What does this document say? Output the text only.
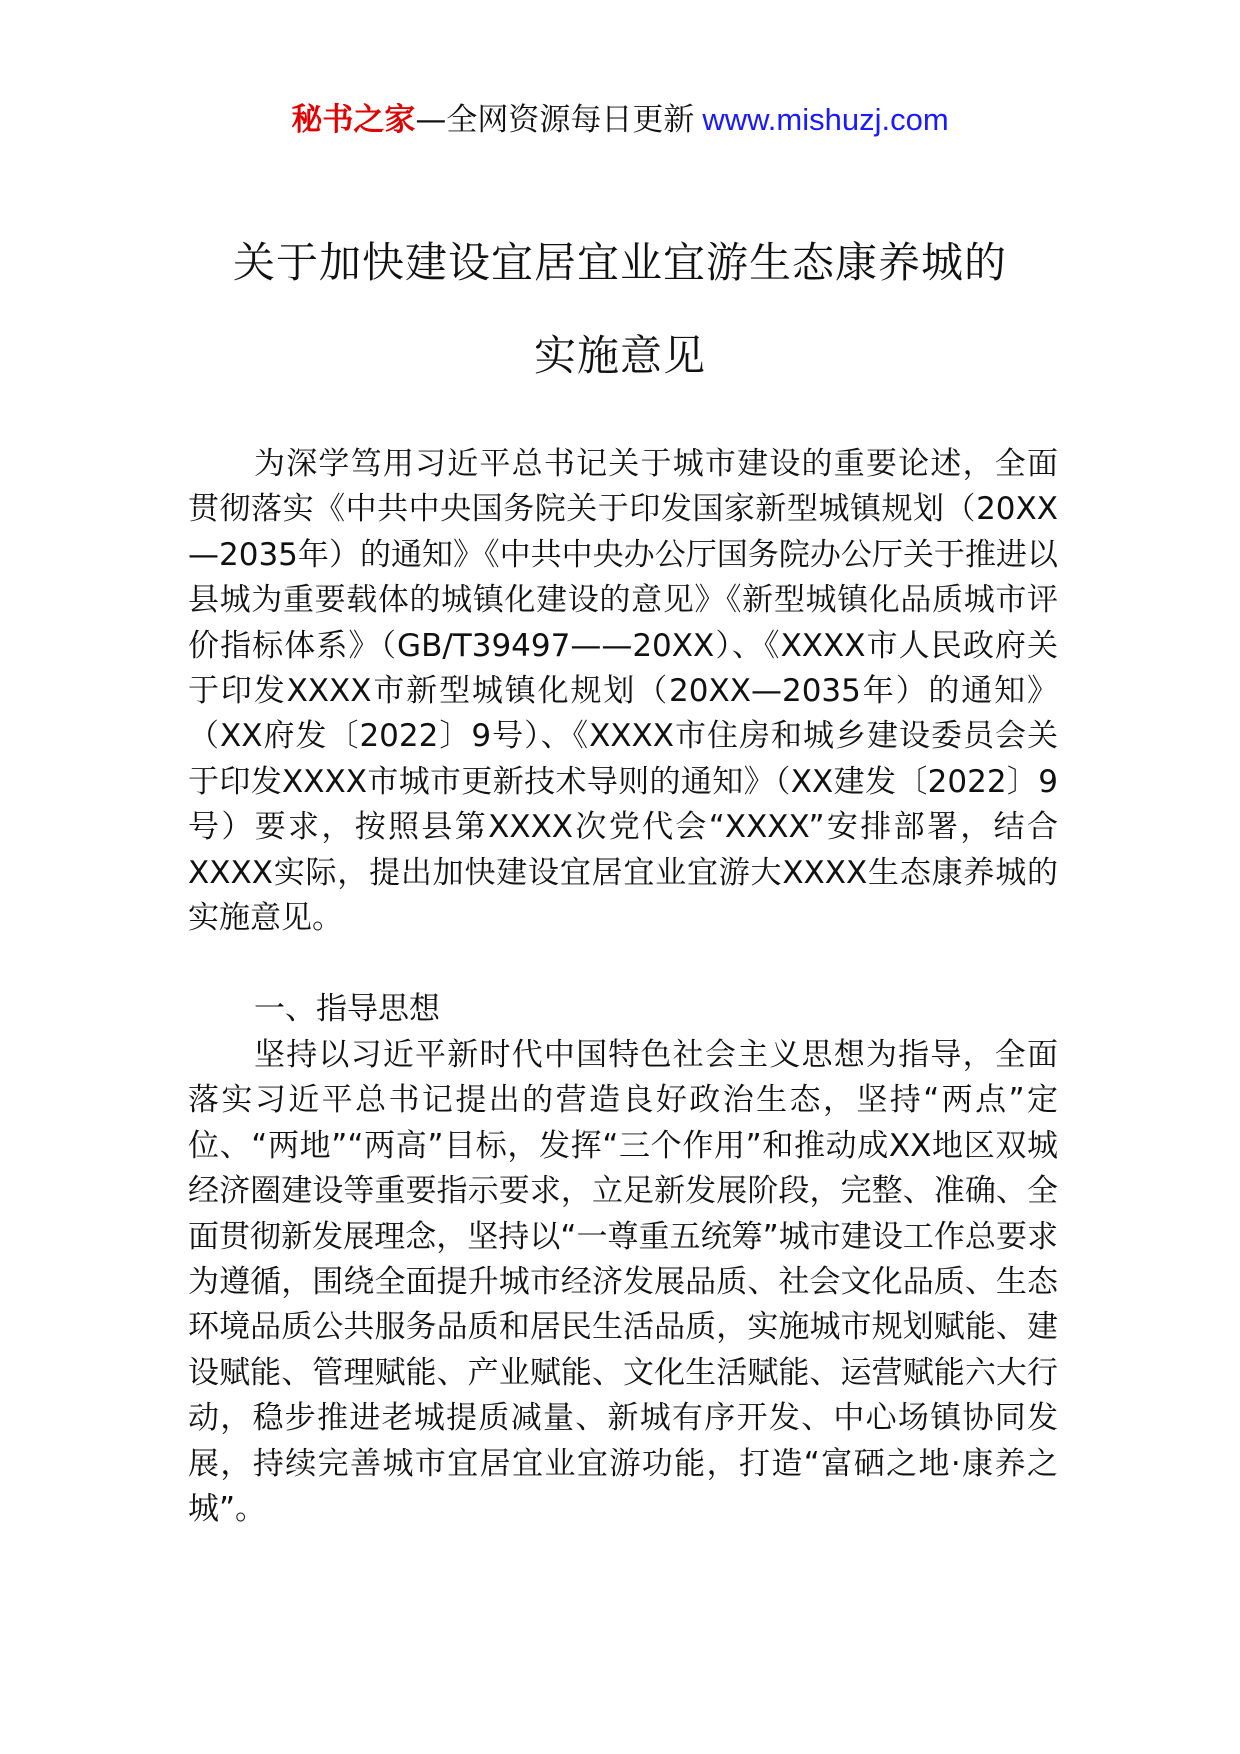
秘书之家—全网资源每日更新 www.mishuzj.com
关于加快建设宜居宜业宜游生态康养城的
实施意见

为深学笃用习近平总书记关于城市建设的重要论述，全面贯彻落实《中共中央国务院关于印发国家新型城镇规划（20XX—2035年）的通知》《中共中央办公厅国务院办公厅关于推进以县城为重要载体的城镇化建设的意见》《新型城镇化品质城市评价指标体系》（GB/T39497——20XX）、《XXXX市人民政府关于印发XXXX市新型城镇化规划（20XX—2035年）的通知》（XX府发〔2022〕9号）、《XXXX市住房和城乡建设委员会关于印发XXXX市城市更新技术导则的通知》（XX建发〔2022〕9号）要求，按照县第XXXX次党代会“XXXX”安排部署，结合XXXX实际，提出加快建设宜居宜业宜游大XXXX生态康养城的实施意见。

一、指导思想

坚持以习近平新时代中国特色社会主义思想为指导，全面落实习近平总书记提出的营造良好政治生态，坚持“两点”定位、“两地”“两高”目标，发挥“三个作用”和推动成XX地区双城经济圈建设等重要指示要求，立足新发展阶段，完整、准确、全面贯彻新发展理念，坚持以“一尊重五统筹”城市建设工作总要求为遵循，围绕全面提升城市经济发展品质、社会文化品质、生态环境品质公共服务品质和居民生活品质，实施城市规划赋能、建设赋能、管理赋能、产业赋能、文化生活赋能、运营赋能六大行动，稳步推进老城提质减量、新城有序开发、中心场镇协同发展，持续完善城市宜居宜业宜游功能，打造“富硒之地·康养之城”。
